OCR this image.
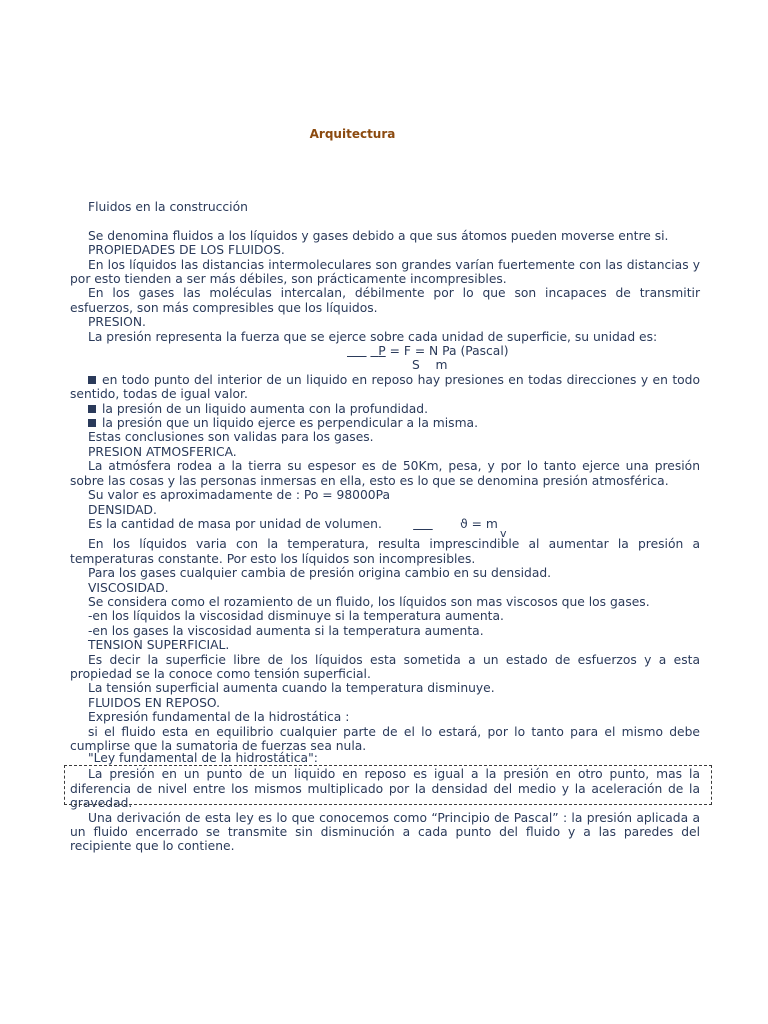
Arquitectura

Fluidos en la construcción

Se denomina fluidos a los líquidos y gases debido a que sus átomos pueden moverse entre si.

PROPIEDADES DE LOS FLUIDOS.

En los líquidos las distancias intermoleculares son grandes varían fuertemente con las distancias y por esto tienden a ser más débiles, son prácticamente incompresibles.

En los gases las moléculas intercalan, débilmente por lo que son incapaces de transmitir esfuerzos, son más compresibles que los líquidos.

PRESION.

La presión representa la fuerza que se ejerce sobre cada unidad de superficie, su unidad es:

P = F = N Pa (Pascal)
S    m

en todo punto del interior de un liquido en reposo hay presiones en todas direcciones y en todo sentido, todas de igual valor.

la presión de un liquido aumenta con la profundidad.

la presión que un liquido ejerce es perpendicular a la misma.

Estas conclusiones son validas para los gases.

PRESION ATMOSFERICA.

La atmósfera rodea a la tierra su espesor es de 50Km, pesa, y por lo tanto ejerce una presión sobre las cosas y las personas inmersas en ella, esto es lo que se denomina presión atmosférica.

Su valor es aproximadamente de : Po = 98000Pa

DENSIDAD.

Es la cantidad de masa por unidad de volumen.	ϑ = m

v

En los líquidos varia con la temperatura, resulta imprescindible al aumentar la presión a temperaturas constante. Por esto los líquidos son incompresibles.

Para los gases cualquier cambia de presión origina cambio en su densidad.

VISCOSIDAD.

Se considera como el rozamiento de un fluido, los líquidos son mas viscosos que los gases.

-en los líquidos la viscosidad disminuye si la temperatura aumenta.

-en los gases la viscosidad aumenta si la temperatura aumenta.

TENSION SUPERFICIAL.

Es decir la superficie libre de los líquidos esta sometida a un estado de esfuerzos y a esta propiedad se la conoce como tensión superficial.

La tensión superficial aumenta cuando la temperatura disminuye.

FLUIDOS EN REPOSO.

Expresión fundamental de la hidrostática :

si el fluido esta en equilibrio cualquier parte de el lo estará, por lo tanto para el mismo debe cumplirse que la sumatoria de fuerzas sea nula.

"Ley fundamental de la hidrostática":

La presión en un punto de un liquido en reposo es igual a la presión en otro punto, mas la diferencia de nivel entre los mismos multiplicado por la densidad del medio y la aceleración de la gravedad.

Una derivación de esta ley es lo que conocemos como “Principio de Pascal” : la presión aplicada a un fluido encerrado se transmite sin disminución a cada punto del fluido y a las paredes del recipiente que lo contiene.
